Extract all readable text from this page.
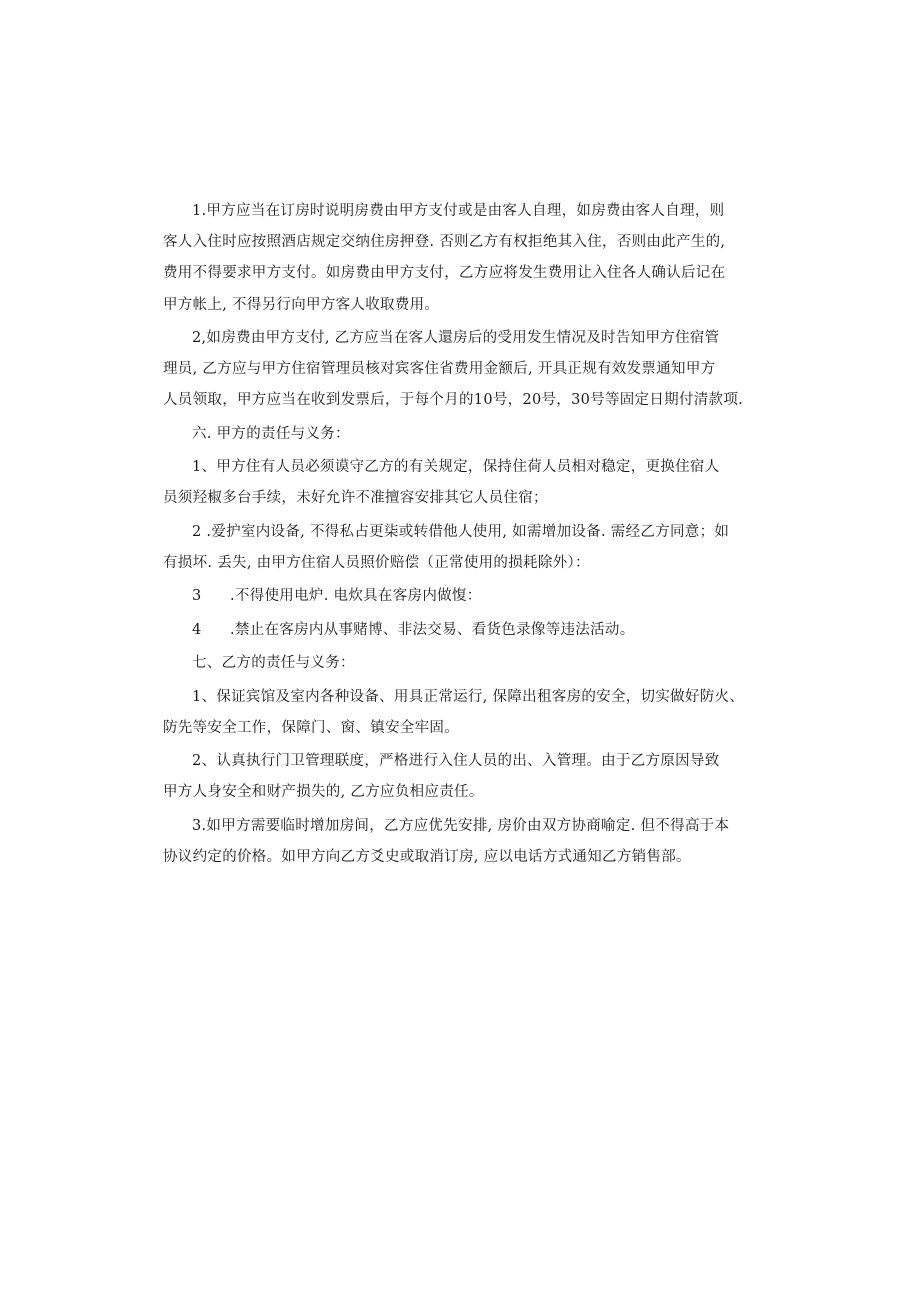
1.甲方应当在订房时说明房费由甲方支付或是由客人自理，如房费由客人自理，则
客人入住时应按照酒店规定交纳住房押登. 否则乙方有权拒绝其入住，否则由此产生的,
费用不得要求甲方支付。如房费由甲方支付，乙方应将发生费用让入住各人确认后记在
甲方帐上, 不得另行向甲方客人收取费用。
2,如房费由甲方支付, 乙方应当在客人還房后的受用发生情况及时告知甲方住宿管
理员, 乙方应与甲方住宿管理员核对宾客住省费用金额后, 开具正规有效发票通知甲方
人员领取，甲方应当在收到发票后，于每个月的10号，20号，30号等固定日期付清款项.
六. 甲方的责任与义务：
1、甲方住有人员必须谟守乙方的有关规定，保持住荷人员相对稳定，更换住宿人
员须羟椒多台手续，未好允许不准擅容安排其它人员住宿；
2 .爱护室内设备, 不得私占更柒或转借他人使用, 如需增加设备. 需经乙方同意；如
有损坏. 丢失, 由甲方住宿人员照价赔偿（正常使用的损耗除外）：
3 .不得使用电炉. 电炊具在客房内做愎：
4 .禁止在客房内从事赌博、非法交易、看货色录像等违法活动。
七、乙方的责任与义务：
1、保证宾馆及室内各种设备、用具正常运行, 保障出租客房的安全，切实做好防火、
防先等安全工作，保障门、窗、镇安全牢固。
2、认真执行门卫管理联度，严格进行入住人员的出、入管理。由于乙方原因导致
甲方人身安全和财产损失的, 乙方应负相应责任。
3.如甲方需要临时增加房间，乙方应优先安排, 房价由双方协商喻定. 但不得高于本
协议约定的价格。如甲方向乙方爻史或取消订房, 应以电话方式通知乙方销售部。
